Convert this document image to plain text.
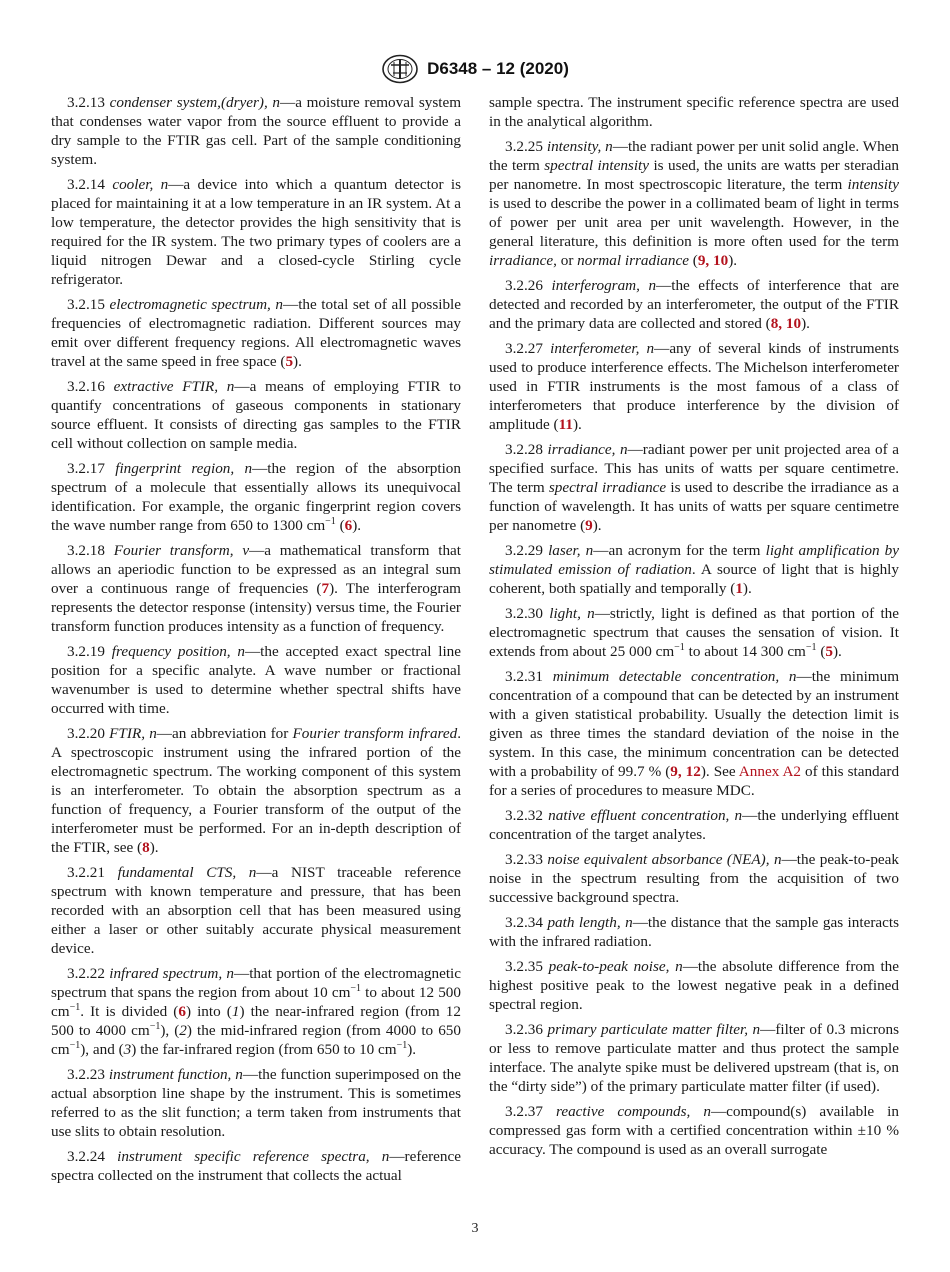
D6348 – 12 (2020)

3.2.13 condenser system,(dryer), n—a moisture removal system that condenses water vapor from the source effluent to provide a dry sample to the FTIR gas cell. Part of the sample conditioning system.

3.2.14 cooler, n—a device into which a quantum detector is placed for maintaining it at a low temperature in an IR system. At a low temperature, the detector provides the high sensitivity that is required for the IR system. The two primary types of coolers are a liquid nitrogen Dewar and a closed-cycle Stirling cycle refrigerator.

3.2.15 electromagnetic spectrum, n—the total set of all possible frequencies of electromagnetic radiation. Different sources may emit over different frequency regions. All electromagnetic waves travel at the same speed in free space (5).

3.2.16 extractive FTIR, n—a means of employing FTIR to quantify concentrations of gaseous components in stationary source effluent. It consists of directing gas samples to the FTIR cell without collection on sample media.

3.2.17 fingerprint region, n—the region of the absorption spectrum of a molecule that essentially allows its unequivocal identification. For example, the organic fingerprint region covers the wave number range from 650 to 1300 $cm^{-1}$ (6).

3.2.18 Fourier transform, v—a mathematical transform that allows an aperiodic function to be expressed as an integral sum over a continuous range of frequencies (7). The interferogram represents the detector response (intensity) versus time, the Fourier transform function produces intensity as a function of frequency.

3.2.19 frequency position, n—the accepted exact spectral line position for a specific analyte. A wave number or fractional wavenumber is used to determine whether spectral shifts have occurred with time.

3.2.20 FTIR, n—an abbreviation for Fourier transform infrared. A spectroscopic instrument using the infrared portion of the electromagnetic spectrum. The working component of this system is an interferometer. To obtain the absorption spectrum as a function of frequency, a Fourier transform of the output of the interferometer must be performed. For an in-depth description of the FTIR, see (8).

3.2.21 fundamental CTS, n—a NIST traceable reference spectrum with known temperature and pressure, that has been recorded with an absorption cell that has been measured using either a laser or other suitably accurate physical measurement device.

3.2.22 infrared spectrum, n—that portion of the electromagnetic spectrum that spans the region from about 10 $cm^{-1}$ to about 12 500 $cm^{-1}$. It is divided (6) into (1) the near-infrared region (from 12 500 to 4000 $cm^{-1}$), (2) the mid-infrared region (from 4000 to 650 $cm^{-1}$), and (3) the far-infrared region (from 650 to 10 $cm^{-1}$).

3.2.23 instrument function, n—the function superimposed on the actual absorption line shape by the instrument. This is sometimes referred to as the slit function; a term taken from instruments that use slits to obtain resolution.

3.2.24 instrument specific reference spectra, n—reference spectra collected on the instrument that collects the actual

sample spectra. The instrument specific reference spectra are used in the analytical algorithm.

3.2.25 intensity, n—the radiant power per unit solid angle. When the term spectral intensity is used, the units are watts per steradian per nanometre. In most spectroscopic literature, the term intensity is used to describe the power in a collimated beam of light in terms of power per unit area per unit wavelength. However, in the general literature, this definition is more often used for the term irradiance, or normal irradiance (9, 10).

3.2.26 interferogram, n—the effects of interference that are detected and recorded by an interferometer, the output of the FTIR and the primary data are collected and stored (8, 10).

3.2.27 interferometer, n—any of several kinds of instruments used to produce interference effects. The Michelson interferometer used in FTIR instruments is the most famous of a class of interferometers that produce interference by the division of amplitude (11).

3.2.28 irradiance, n—radiant power per unit projected area of a specified surface. This has units of watts per square centimetre. The term spectral irradiance is used to describe the irradiance as a function of wavelength. It has units of watts per square centimetre per nanometre (9).

3.2.29 laser, n—an acronym for the term light amplification by stimulated emission of radiation. A source of light that is highly coherent, both spatially and temporally (1).

3.2.30 light, n—strictly, light is defined as that portion of the electromagnetic spectrum that causes the sensation of vision. It extends from about 25 000 $cm^{-1}$ to about 14 300 $cm^{-1}$ (5).

3.2.31 minimum detectable concentration, n—the minimum concentration of a compound that can be detected by an instrument with a given statistical probability. Usually the detection limit is given as three times the standard deviation of the noise in the system. In this case, the minimum concentration can be detected with a probability of 99.7 % (9, 12). See Annex A2 of this standard for a series of procedures to measure MDC.

3.2.32 native effluent concentration, n—the underlying effluent concentration of the target analytes.

3.2.33 noise equivalent absorbance (NEA), n—the peak-to-peak noise in the spectrum resulting from the acquisition of two successive background spectra.

3.2.34 path length, n—the distance that the sample gas interacts with the infrared radiation.

3.2.35 peak-to-peak noise, n—the absolute difference from the highest positive peak to the lowest negative peak in a defined spectral region.

3.2.36 primary particulate matter filter, n—filter of 0.3 microns or less to remove particulate matter and thus protect the sample interface. The analyte spike must be delivered upstream (that is, on the “dirty side”) of the primary particulate matter filter (if used).

3.2.37 reactive compounds, n—compound(s) available in compressed gas form with a certified concentration within ±10 % accuracy. The compound is used as an overall surrogate

3
